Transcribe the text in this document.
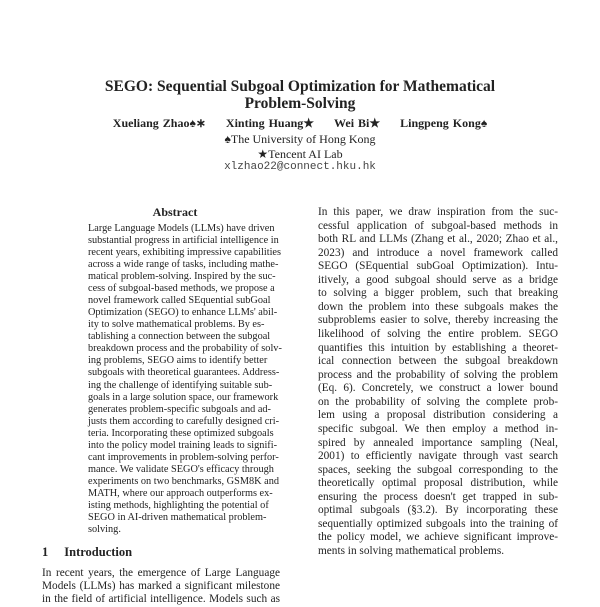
SEGO: Sequential Subgoal Optimization for Mathematical
Problem-Solving
Xueliang Zhao♠∗ Xinting Huang★ Wei Bi★ Lingpeng Kong♠
♠The University of Hong Kong
★Tencent AI Lab
xlzhao22@connect.hku.hk
Abstract
Large Language Models (LLMs) have driven
substantial progress in artificial intelligence in
recent years, exhibiting impressive capabilities
across a wide range of tasks, including mathe-
matical problem-solving. Inspired by the suc-
cess of subgoal-based methods, we propose a
novel framework called SEquential subGoal
Optimization (SEGO) to enhance LLMs' abil-
ity to solve mathematical problems. By es-
tablishing a connection between the subgoal
breakdown process and the probability of solv-
ing problems, SEGO aims to identify better
subgoals with theoretical guarantees. Address-
ing the challenge of identifying suitable sub-
goals in a large solution space, our framework
generates problem-specific subgoals and ad-
justs them according to carefully designed cri-
teria. Incorporating these optimized subgoals
into the policy model training leads to signifi-
cant improvements in problem-solving perfor-
mance. We validate SEGO's efficacy through
experiments on two benchmarks, GSM8K and
MATH, where our approach outperforms ex-
isting methods, highlighting the potential of
SEGO in AI-driven mathematical problem-
solving.
1 Introduction
In recent years, the emergence of Large Language
Models (LLMs) has marked a significant milestone
in the field of artificial intelligence. Models such as
In this paper, we draw inspiration from the suc-
cessful application of subgoal-based methods in
both RL and LLMs (Zhang et al., 2020; Zhao et al.,
2023) and introduce a novel framework called
SEGO (SEquential subGoal Optimization). Intu-
itively, a good subgoal should serve as a bridge
to solving a bigger problem, such that breaking
down the problem into these subgoals makes the
subproblems easier to solve, thereby increasing the
likelihood of solving the entire problem. SEGO
quantifies this intuition by establishing a theoret-
ical connection between the subgoal breakdown
process and the probability of solving the problem
(Eq. 6). Concretely, we construct a lower bound
on the probability of solving the complete prob-
lem using a proposal distribution considering a
specific subgoal. We then employ a method in-
spired by annealed importance sampling (Neal,
2001) to efficiently navigate through vast search
spaces, seeking the subgoal corresponding to the
theoretically optimal proposal distribution, while
ensuring the process doesn't get trapped in sub-
optimal subgoals (§3.2). By incorporating these
sequentially optimized subgoals into the training of
the policy model, we achieve significant improve-
ments in solving mathematical problems.
